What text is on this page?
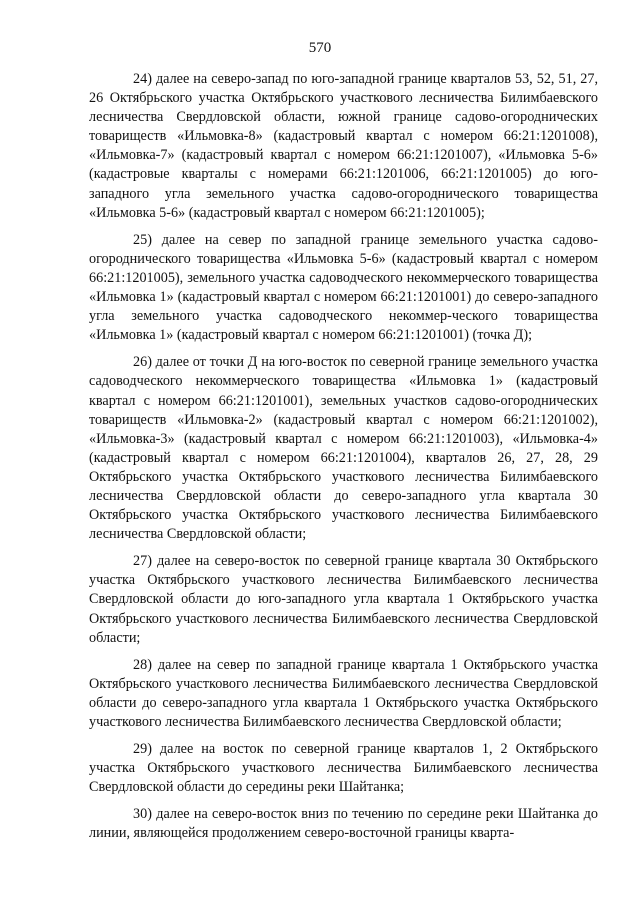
570

24) далее на северо-запад по юго-западной границе кварталов 53, 52, 51, 27, 26 Октябрьского участка Октябрьского участкового лесничества Билимбаевского лесничества Свердловской области, южной границе садово-огороднических товариществ «Ильмовка-8» (кадастровый квартал с номером 66:21:1201008), «Ильмовка-7» (кадастровый квартал с номером 66:21:1201007), «Ильмовка 5-6» (кадастровые кварталы с номерами 66:21:1201006, 66:21:1201005) до юго-западного угла земельного участка садово-огороднического товарищества «Ильмовка 5-6» (кадастровый квартал с номером 66:21:1201005);

25) далее на север по западной границе земельного участка садово-огороднического товарищества «Ильмовка 5-6» (кадастровый квартал с номером 66:21:1201005), земельного участка садоводческого некоммерческого товарищества «Ильмовка 1» (кадастровый квартал с номером 66:21:1201001) до северо-западного угла земельного участка садоводческого некоммер-ческого товарищества «Ильмовка 1» (кадастровый квартал с номером 66:21:1201001) (точка Д);

26) далее от точки Д на юго-восток по северной границе земельного участка садоводческого некоммерческого товарищества «Ильмовка 1» (кадастровый квартал с номером 66:21:1201001), земельных участков садово-огороднических товариществ «Ильмовка-2» (кадастровый квартал с номером 66:21:1201002), «Ильмовка-3» (кадастровый квартал с номером 66:21:1201003), «Ильмовка-4» (кадастровый квартал с номером 66:21:1201004), кварталов 26, 27, 28, 29 Октябрьского участка Октябрьского участкового лесничества Билимбаевского лесничества Свердловской области до северо-западного угла квартала 30 Октябрьского участка Октябрьского участкового лесничества Билимбаевского лесничества Свердловской области;

27) далее на северо-восток по северной границе квартала 30 Октябрьского участка Октябрьского участкового лесничества Билимбаевского лесничества Свердловской области до юго-западного угла квартала 1 Октябрьского участка Октябрьского участкового лесничества Билимбаевского лесничества Свердловской области;

28) далее на север по западной границе квартала 1 Октябрьского участка Октябрьского участкового лесничества Билимбаевского лесничества Свердловской области до северо-западного угла квартала 1 Октябрьского участка Октябрьского участкового лесничества Билимбаевского лесничества Свердловской области;

29) далее на восток по северной границе кварталов 1, 2 Октябрьского участка Октябрьского участкового лесничества Билимбаевского лесничества Свердловской области до середины реки Шайтанка;

30) далее на северо-восток вниз по течению по середине реки Шайтанка до линии, являющейся продолжением северо-восточной границы кварта-
